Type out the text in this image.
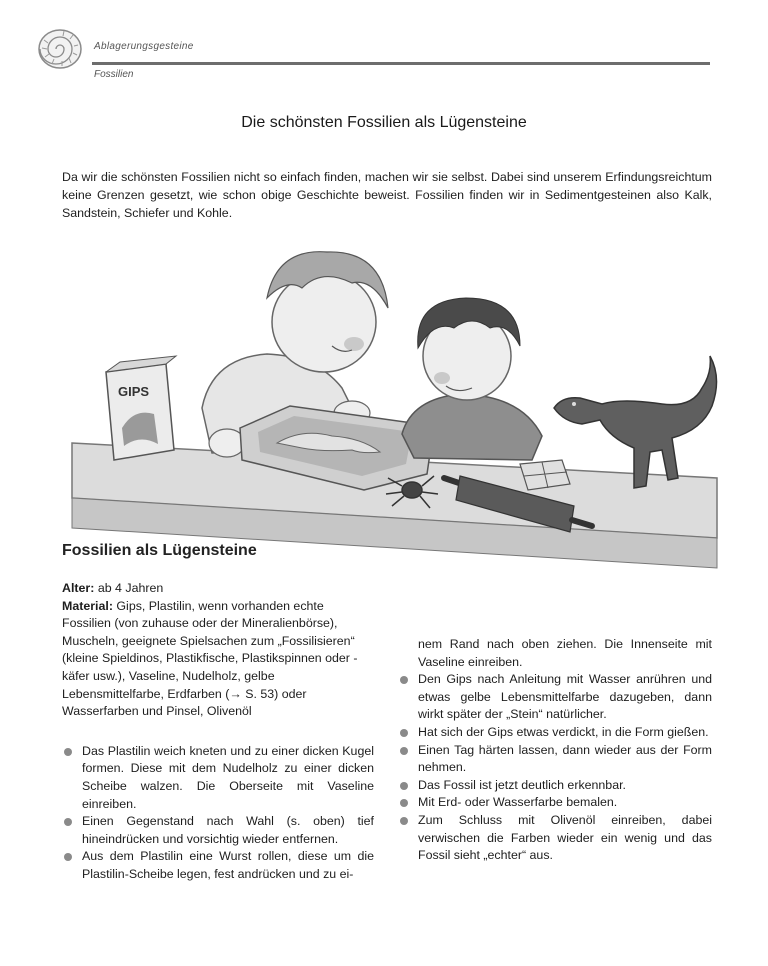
Ablagerungsgesteine
Fossilien
Die schönsten Fossilien als Lügensteine
Da wir die schönsten Fossilien nicht so einfach finden, machen wir sie selbst. Dabei sind unserem Erfindungsreichtum keine Grenzen gesetzt, wie schon obige Geschichte beweist. Fossilien finden wir in Sedimentgesteinen also Kalk, Sandstein, Schiefer und Kohle.
GIPS
Fossilien als Lügensteine

Alter: ab 4 Jahren

Material: Gips, Plastilin, wenn vorhanden echte Fossilien (von zuhause oder der Mineralienbörse), Muscheln, geeignete Spielsachen zum „Fossilisieren“ (kleine Spieldinos, Plastikfische, Plastikspinnen oder -käfer usw.), Vaseline, Nudelholz, gelbe Lebensmittelfarbe, Erdfarben (→ S. 53) oder Wasserfarben und Pinsel, Olivenöl

Das Plastilin weich kneten und zu einer dicken Kugel formen. Diese mit dem Nudelholz zu einer dicken Scheibe walzen. Die Oberseite mit Vaseline einreiben.
Einen Gegenstand nach Wahl (s. oben) tief hineindrücken und vorsichtig wieder entfernen.
Aus dem Plastilin eine Wurst rollen, diese um die Plastilin-Scheibe legen, fest andrücken und zu ei-
nem Rand nach oben ziehen. Die Innenseite mit Vaseline einreiben.
Den Gips nach Anleitung mit Wasser anrühren und etwas gelbe Lebensmittelfarbe dazugeben, dann wirkt später der „Stein“ natürlicher.
Hat sich der Gips etwas verdickt, in die Form gießen.
Einen Tag härten lassen, dann wieder aus der Form nehmen.
Das Fossil ist jetzt deutlich erkennbar.
Mit Erd- oder Wasserfarbe bemalen.
Zum Schluss mit Olivenöl einreiben, dabei verwischen die Farben wieder ein wenig und das Fossil sieht „echter“ aus.
